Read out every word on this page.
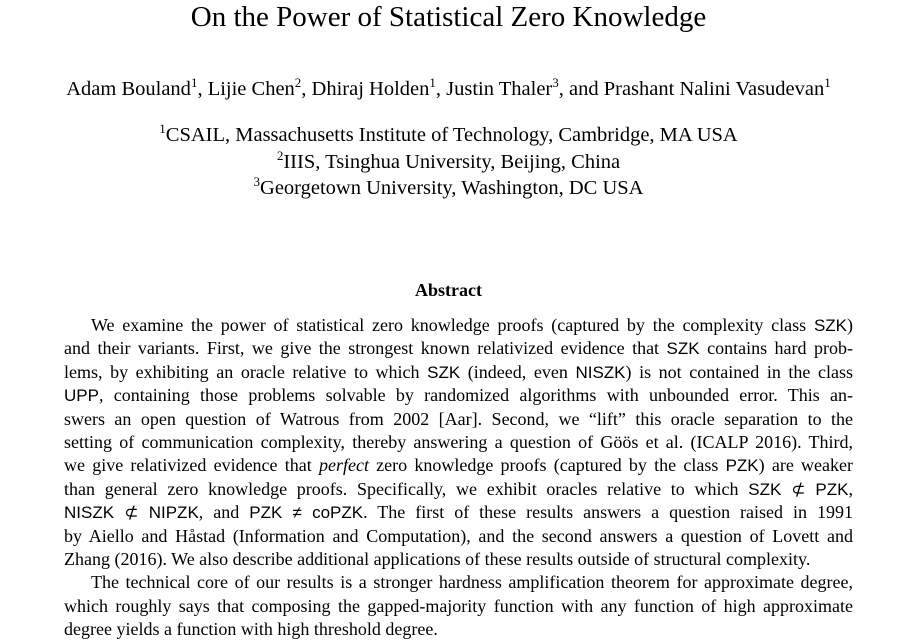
On the Power of Statistical Zero Knowledge
Adam Bouland$^1$, Lijie Chen$^2$, Dhiraj Holden$^1$, Justin Thaler$^3$, and Prashant Nalini Vasudevan$^1$
$^1$CSAIL, Massachusetts Institute of Technology, Cambridge, MA USA
$^2$IIIS, Tsinghua University, Beijing, China
$^3$Georgetown University, Washington, DC USA
Abstract
We examine the power of statistical zero knowledge proofs (captured by the complexity class SZK)
and their variants. First, we give the strongest known relativized evidence that SZK contains hard prob-
lems, by exhibiting an oracle relative to which SZK (indeed, even NISZK) is not contained in the class
UPP, containing those problems solvable by randomized algorithms with unbounded error. This an-
swers an open question of Watrous from 2002 [Aar]. Second, we “lift” this oracle separation to the
setting of communication complexity, thereby answering a question of Göös et al. (ICALP 2016). Third,
we give relativized evidence that perfect zero knowledge proofs (captured by the class PZK) are weaker
than general zero knowledge proofs. Specifically, we exhibit oracles relative to which SZK ⊄ PZK,
NISZK ⊄ NIPZK, and PZK ≠ coPZK. The first of these results answers a question raised in 1991
by Aiello and Håstad (Information and Computation), and the second answers a question of Lovett and
Zhang (2016). We also describe additional applications of these results outside of structural complexity.
The technical core of our results is a stronger hardness amplification theorem for approximate degree,
which roughly says that composing the gapped-majority function with any function of high approximate
degree yields a function with high threshold degree.
